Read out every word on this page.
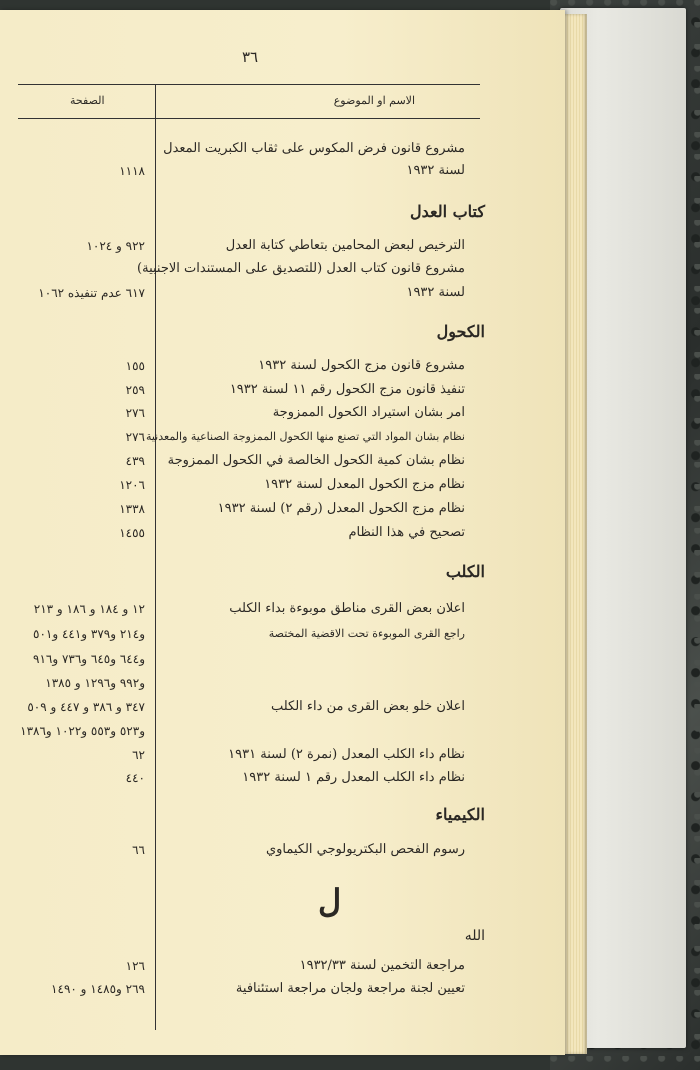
٣٦
الاسم او الموضوع
الصفحة
مشروع قانون فرض المكوس على ثقاب الكبريت المعدل
لسنة ١٩٣٢
١١١٨
كتاب العدل
الترخيص لبعض المحامين بتعاطي كتابة العدل
٩٢٢ و ١٠٢٤
مشروع قانون كتاب العدل (للتصديق على المستندات الاجنبية)
لسنة ١٩٣٢
٦١٧ عدم تنفيذه ١٠٦٢
الكحول
مشروع قانون مزج الكحول لسنة ١٩٣٢
١٥٥
تنفيذ قانون مزج الكحول رقم ١١ لسنة ١٩٣٢
٢٥٩
امر بشان استيراد الكحول الممزوجة
٢٧٦
نظام بشان المواد التي تصنع منها الكحول الممزوجة الصناعية والمعدنية
٢٧٦
نظام بشان كمية الكحول الخالصة في الكحول الممزوجة
٤٣٩
نظام مزج الكحول المعدل لسنة ١٩٣٢
١٢٠٦
نظام مزج الكحول المعدل (رقم ٢) لسنة ١٩٣٢
١٣٣٨
تصحيح في هذا النظام
١٤٥٥
الكلب
اعلان بعض القرى مناطق موبوءة بداء الكلب
١٢ و ١٨٤ و ١٨٦ و ٢١٣
راجع القرى الموبوءة تحت الاقضية المختصة
و٢١٤ و٣٧٩ و٤٤١ و٥٠١
و٦٤٤ و٦٤٥ و٧٣٦ و٩١٦
و٩٩٢ و١٢٩٦ و ١٣٨٥
اعلان خلو بعض القرى من داء الكلب
٣٤٧ و ٣٨٦ و ٤٤٧ و ٥٠٩
و٥٢٣ و٥٥٣ و١٠٢٢ و١٣٨٦
نظام داء الكلب المعدل (نمرة ٢) لسنة ١٩٣١
٦٢
نظام داء الكلب المعدل رقم ١ لسنة ١٩٣٢
٤٤٠
الكيمياء
رسوم الفحص البكتريولوجي الكيماوي
٦٦
ل
الله
مراجعة التخمين لسنة ١٩٣٢/٣٣
١٢٦
تعيين لجنة مراجعة ولجان مراجعة استئنافية
٢٦٩ و١٤٨٥ و ١٤٩٠
